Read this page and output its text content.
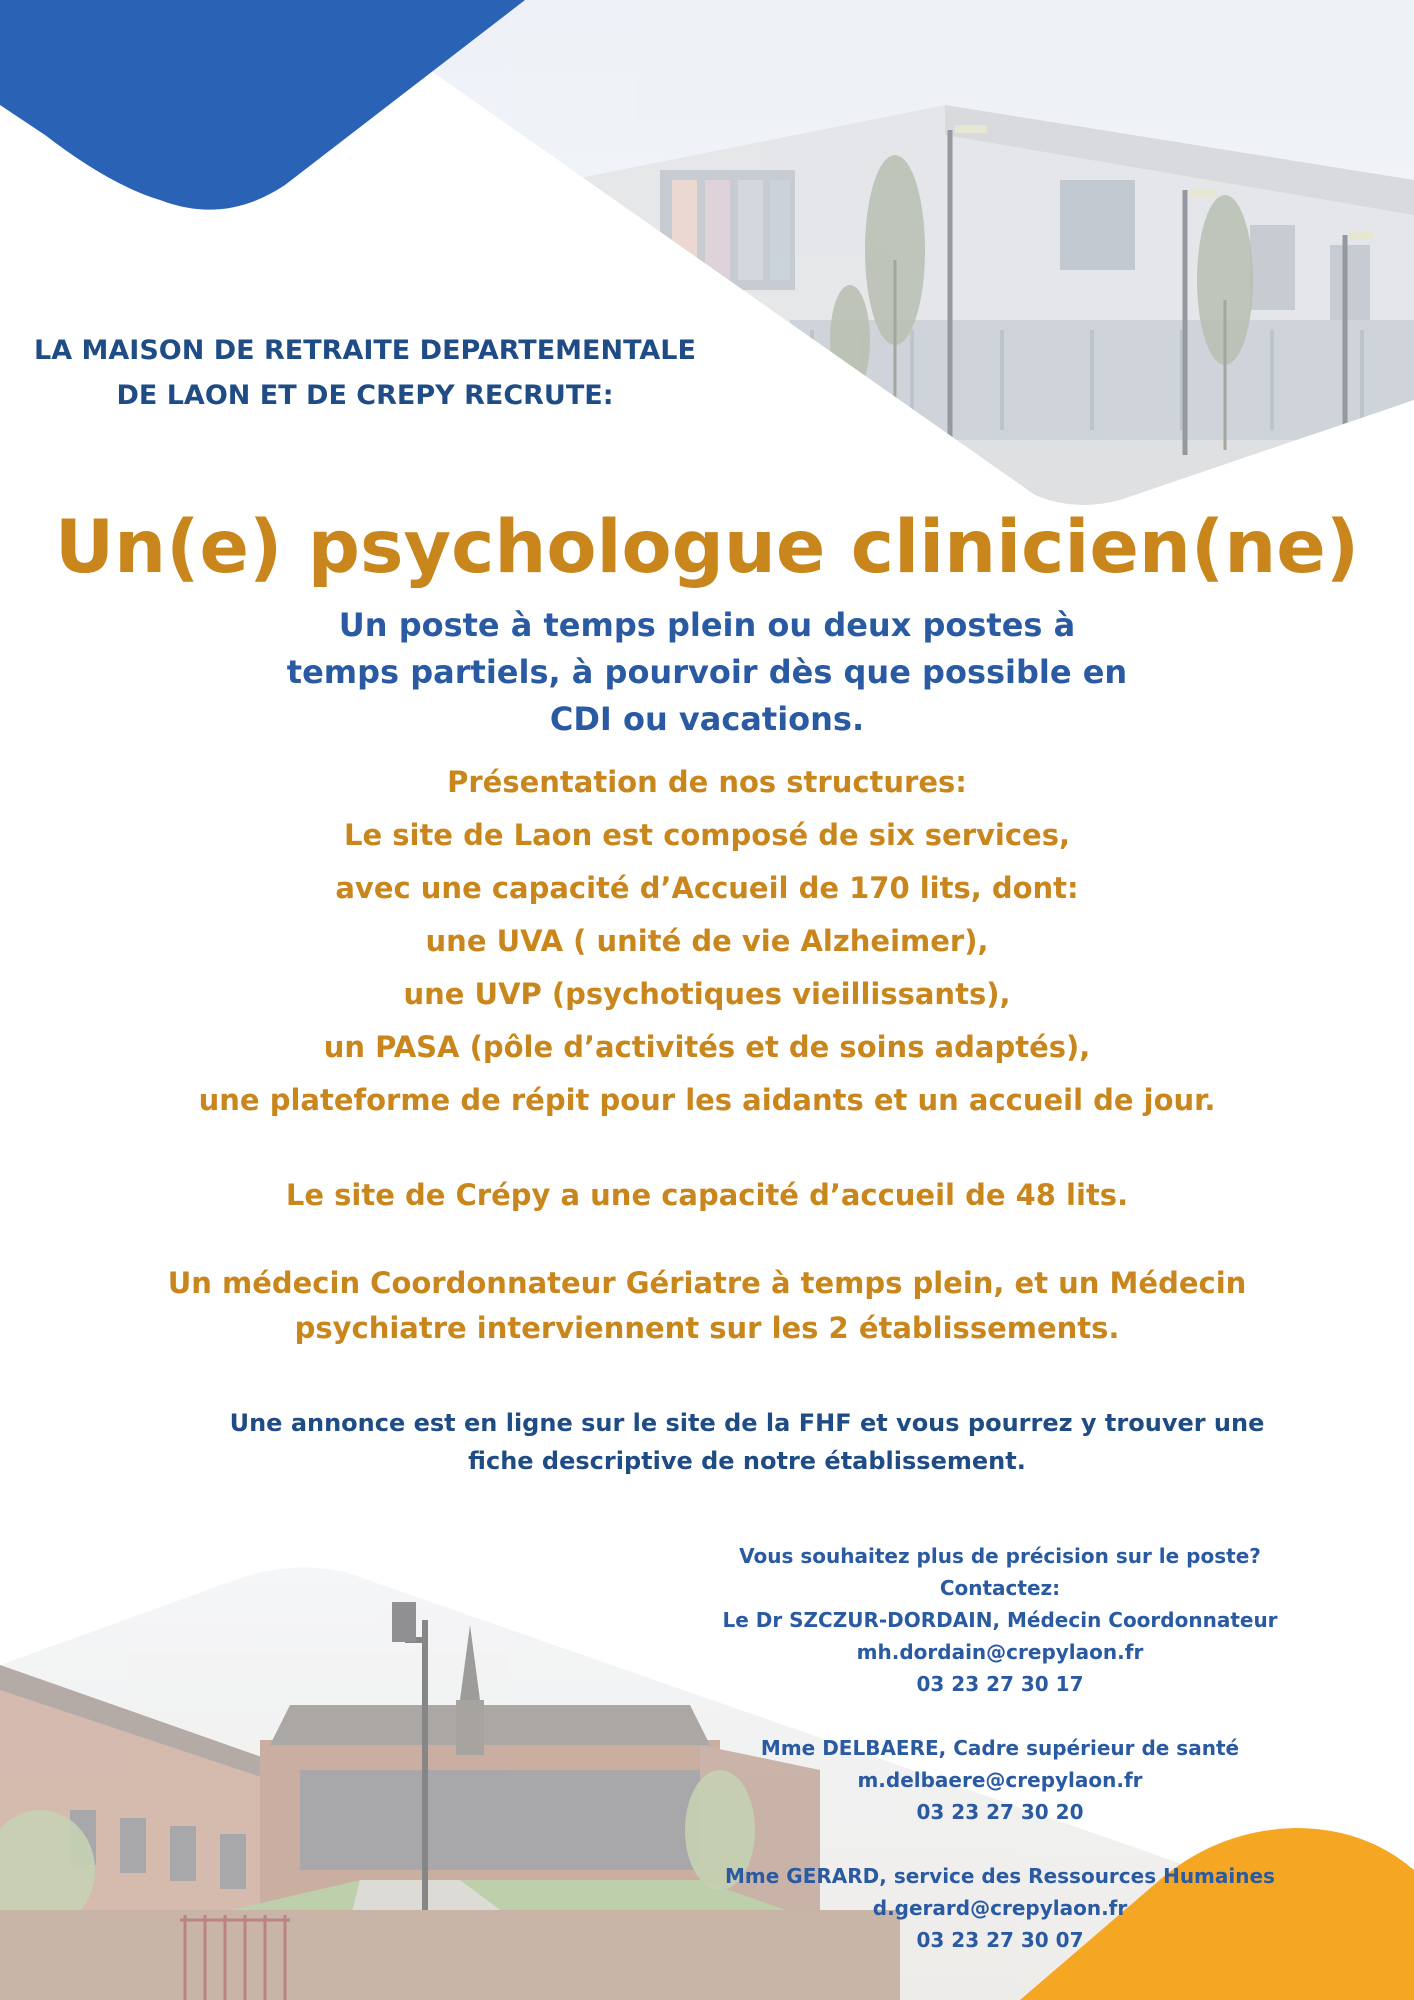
LA MAISON DE RETRAITE DEPARTEMENTALE
DE LAON ET DE CREPY RECRUTE:
Un(e) psychologue clinicien(ne)
Un poste à temps plein ou deux postes à
temps partiels, à pourvoir dès que possible en
CDI ou vacations.
Présentation de nos structures:
Le site de Laon est composé de six services,
avec une capacité d’Accueil de 170 lits, dont:
une UVA ( unité de vie Alzheimer),
une UVP (psychotiques vieillissants),
un PASA (pôle d’activités et de soins adaptés),
une plateforme de répit pour les aidants et un accueil de jour.
Le site de Crépy a une capacité d’accueil de 48 lits.
Un médecin Coordonnateur Gériatre à temps plein, et un Médecin
psychiatre interviennent sur les 2 établissements.
Une annonce est en ligne sur le site de la FHF et vous pourrez y trouver une
fiche descriptive de notre établissement.
Vous souhaitez plus de précision sur le poste?
Contactez:
Le Dr SZCZUR-DORDAIN, Médecin Coordonnateur
mh.dordain@crepylaon.fr
03 23 27 30 17
Mme DELBAERE, Cadre supérieur de santé
m.delbaere@crepylaon.fr
03 23 27 30 20
Mme GERARD, service des Ressources Humaines
d.gerard@crepylaon.fr
03 23 27 30 07
